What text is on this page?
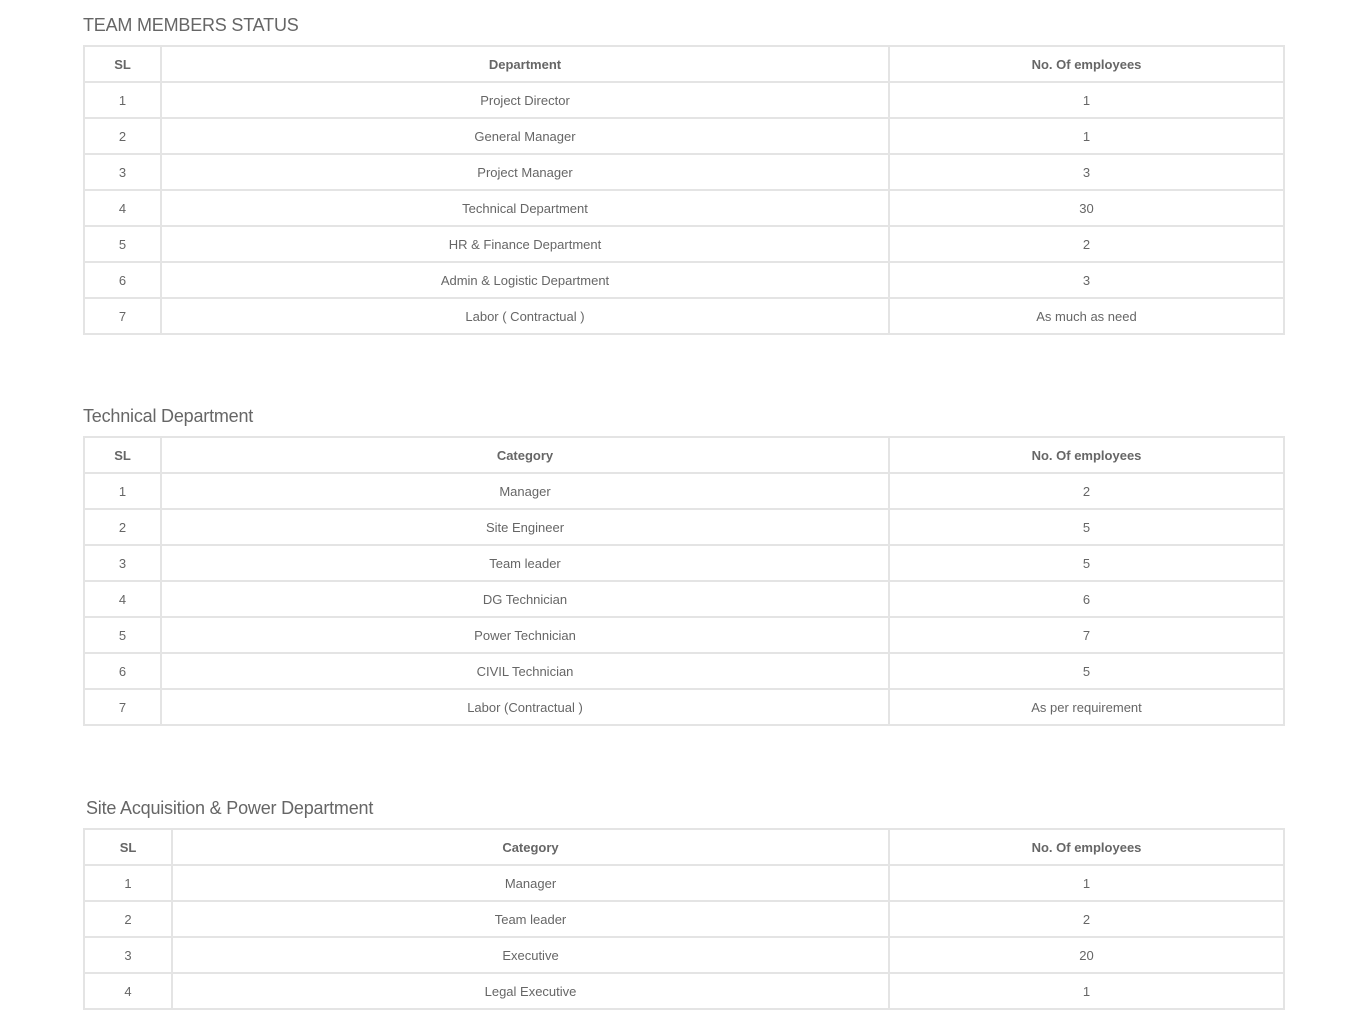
TEAM MEMBERS STATUS
SL	Department	No. Of employees
1	Project Director	1
2	General Manager	1
3	Project Manager	3
4	Technical Department	30
5	HR & Finance Department	2
6	Admin & Logistic Department	3
7	Labor ( Contractual )	As much as need
Technical Department
SL	Category	No. Of employees
1	Manager	2
2	Site Engineer	5
3	Team leader	5
4	DG Technician	6
5	Power Technician	7
6	CIVIL Technician	5
7	Labor (Contractual )	As per requirement
Site Acquisition & Power Department
SL	Category	No. Of employees
1	Manager	1
2	Team leader	2
3	Executive	20
4	Legal Executive	1
